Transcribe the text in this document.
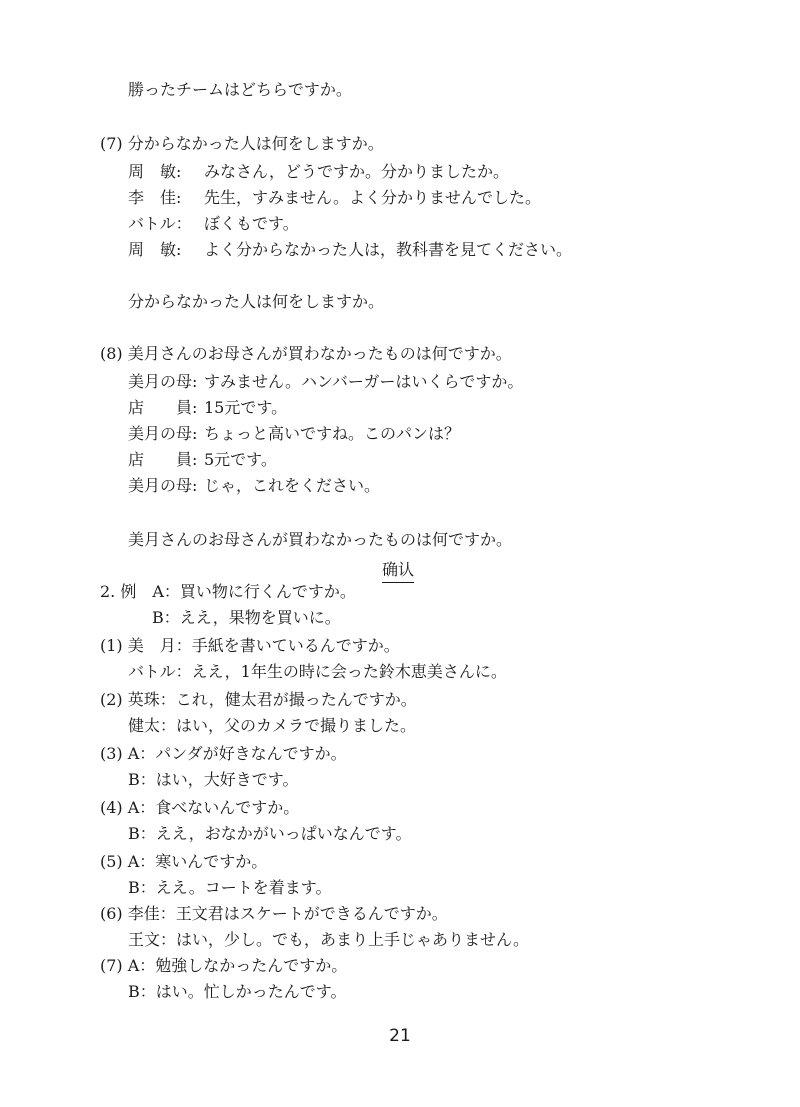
勝ったチームはどちらですか。
(7) 分からなかった人は何をしますか。
周　敏:	みなさん，どうですか。分かりましたか。
李　佳:	先生，すみません。よく分かりませんでした。
バトル： ぼくもです。
周　敏:	よく分からなかった人は，教科書を見てください。
分からなかった人は何をしますか。
(8) 美月さんのお母さんが買わなかったものは何ですか。
美月の母: すみません。ハンバーガーはいくらですか。
店　　員: 15元です。
美月の母: ちょっと高いですね。このパンは？
店　　員: 5元です。
美月の母: じゃ，これをください。
美月さんのお母さんが買わなかったものは何ですか。
确认
2. 例　A：買い物に行くんですか。
B：ええ，果物を買いに。
(1) 美　月：手紙を書いているんですか。
バトル：ええ，1年生の時に会った鈴木恵美さんに。
(2) 英珠：これ，健太君が撮ったんですか。
健太：はい，父のカメラで撮りました。
(3) A：パンダが好きなんですか。
B：はい，大好きです。
(4) A：食べないんですか。
B：ええ，おなかがいっぱいなんです。
(5) A：寒いんですか。
B：ええ。コートを着ます。
(6) 李佳：王文君はスケートができるんですか。
王文：はい，少し。でも，あまり上手じゃありません。
(7) A：勉強しなかったんですか。
B：はい。忙しかったんです。
21
